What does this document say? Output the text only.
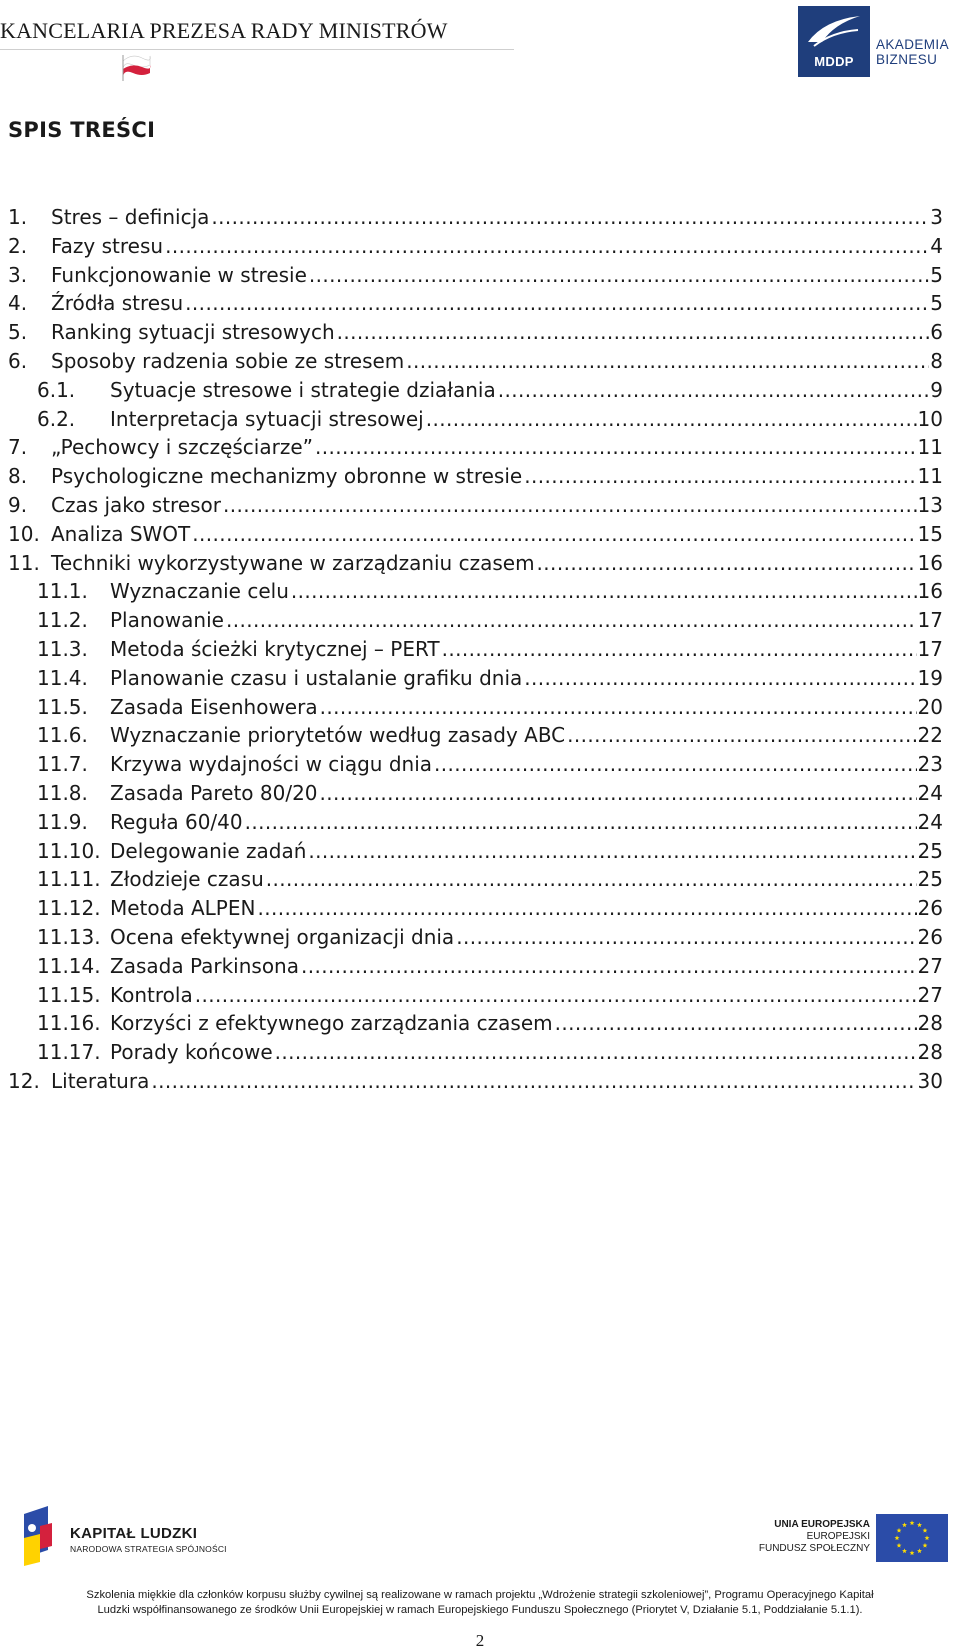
KANCELARIA PREZESA RADY MINISTRÓW
MDDP
AKADEMIA
BIZNESU
SPIS TREŚCI
1.	Stres – definicja .....	3
2.	Fazy stresu .....	4
3.	Funkcjonowanie w stresie .....	5
4.	Źródła stresu .....	5
5.	Ranking sytuacji stresowych .....	6
6.	Sposoby radzenia sobie ze stresem .....	8
6.1.	Sytuacje stresowe i strategie działania .....	9
6.2.	Interpretacja sytuacji stresowej .....	10
7.	„Pechowcy i szczęściarze” .....	11
8.	Psychologiczne mechanizmy obronne w stresie .....	11
9.	Czas jako stresor .....	13
10. Analiza SWOT .....	15
11. Techniki wykorzystywane w zarządzaniu czasem .....	16
11.1.	Wyznaczanie celu .....	16
11.2.	Planowanie .....	17
11.3.	Metoda ścieżki krytycznej – PERT .....	17
11.4.	Planowanie czasu i ustalanie grafiku dnia .....	19
11.5.	Zasada Eisenhowera .....	20
11.6.	Wyznaczanie priorytetów według zasady ABC .....	22
11.7.	Krzywa wydajności w ciągu dnia .....	23
11.8.	Zasada Pareto 80/20 .....	24
11.9.	Reguła 60/40 .....	24
11.10. Delegowanie zadań .....	25
11.11. Złodzieje czasu .....	25
11.12. Metoda ALPEN .....	26
11.13. Ocena efektywnej organizacji dnia .....	26
11.14. Zasada Parkinsona .....	27
11.15. Kontrola .....	27
11.16. Korzyści z efektywnego zarządzania czasem .....	28
11.17. Porady końcowe .....	28
12. Literatura .....	30
KAPITAŁ LUDZKI
NARODOWA STRATEGIA SPÓJNOŚCI
UNIA EUROPEJSKA
EUROPEJSKI
FUNDUSZ SPOŁECZNY
Szkolenia miękkie dla członków korpusu służby cywilnej są realizowane w ramach projektu „Wdrożenie strategii szkoleniowej”, Programu Operacyjnego Kapitał
Ludzki współfinansowanego ze środków Unii Europejskiej w ramach Europejskiego Funduszu Społecznego (Priorytet V, Działanie 5.1, Poddziałanie 5.1.1).
2
